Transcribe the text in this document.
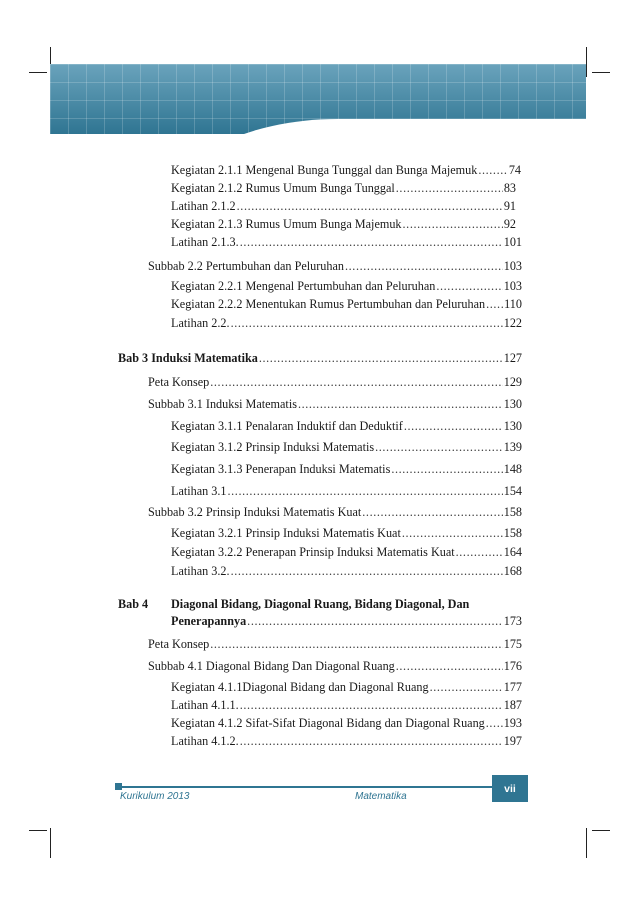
Kegiatan 2.1.1 Mengenal Bunga Tunggal dan Bunga Majemuk .....	74
Kegiatan 2.1.2 Rumus Umum Bunga Tunggal .....	83
Latihan 2.1.2 .....	91
Kegiatan 2.1.3 Rumus Umum Bunga Majemuk .....	92
Latihan 2.1.3. .....	101
Subbab 2.2 Pertumbuhan dan Peluruhan .....	103
Kegiatan 2.2.1 Mengenal Pertumbuhan dan Peluruhan .....	103
Kegiatan 2.2.2 Menentukan Rumus Pertumbuhan dan Peluruhan ..... 110
Latihan 2.2. .....	122
Bab 3 Induksi Matematika .....	127
Peta Konsep .....	129
Subbab 3.1 Induksi Matematis .....	130
Kegiatan 3.1.1 Penalaran Induktif dan Deduktif .....	130
Kegiatan 3.1.2 Prinsip Induksi Matematis .....	139
Kegiatan 3.1.3 Penerapan Induksi Matematis .....	148
Latihan 3.1 .....	154
Subbab 3.2 Prinsip Induksi Matematis Kuat .....	158
Kegiatan 3.2.1 Prinsip Induksi Matematis Kuat .....	158
Kegiatan 3.2.2 Penerapan Prinsip Induksi Matematis Kuat .....	164
Latihan 3.2. .....	168
Bab 4 Diagonal Bidang, Diagonal Ruang, Bidang Diagonal, Dan
Penerapannya .....	173
Peta Konsep .....	175
Subbab 4.1 Diagonal Bidang Dan Diagonal Ruang .....	176
Kegiatan 4.1.1Diagonal Bidang dan Diagonal Ruang .....	177
Latihan 4.1.1. .....	187
Kegiatan 4.1.2 Sifat-Sifat Diagonal Bidang dan Diagonal Ruang ..... 193
Latihan 4.1.2. .....	197
Kurikulum 2013	Matematika
vii
